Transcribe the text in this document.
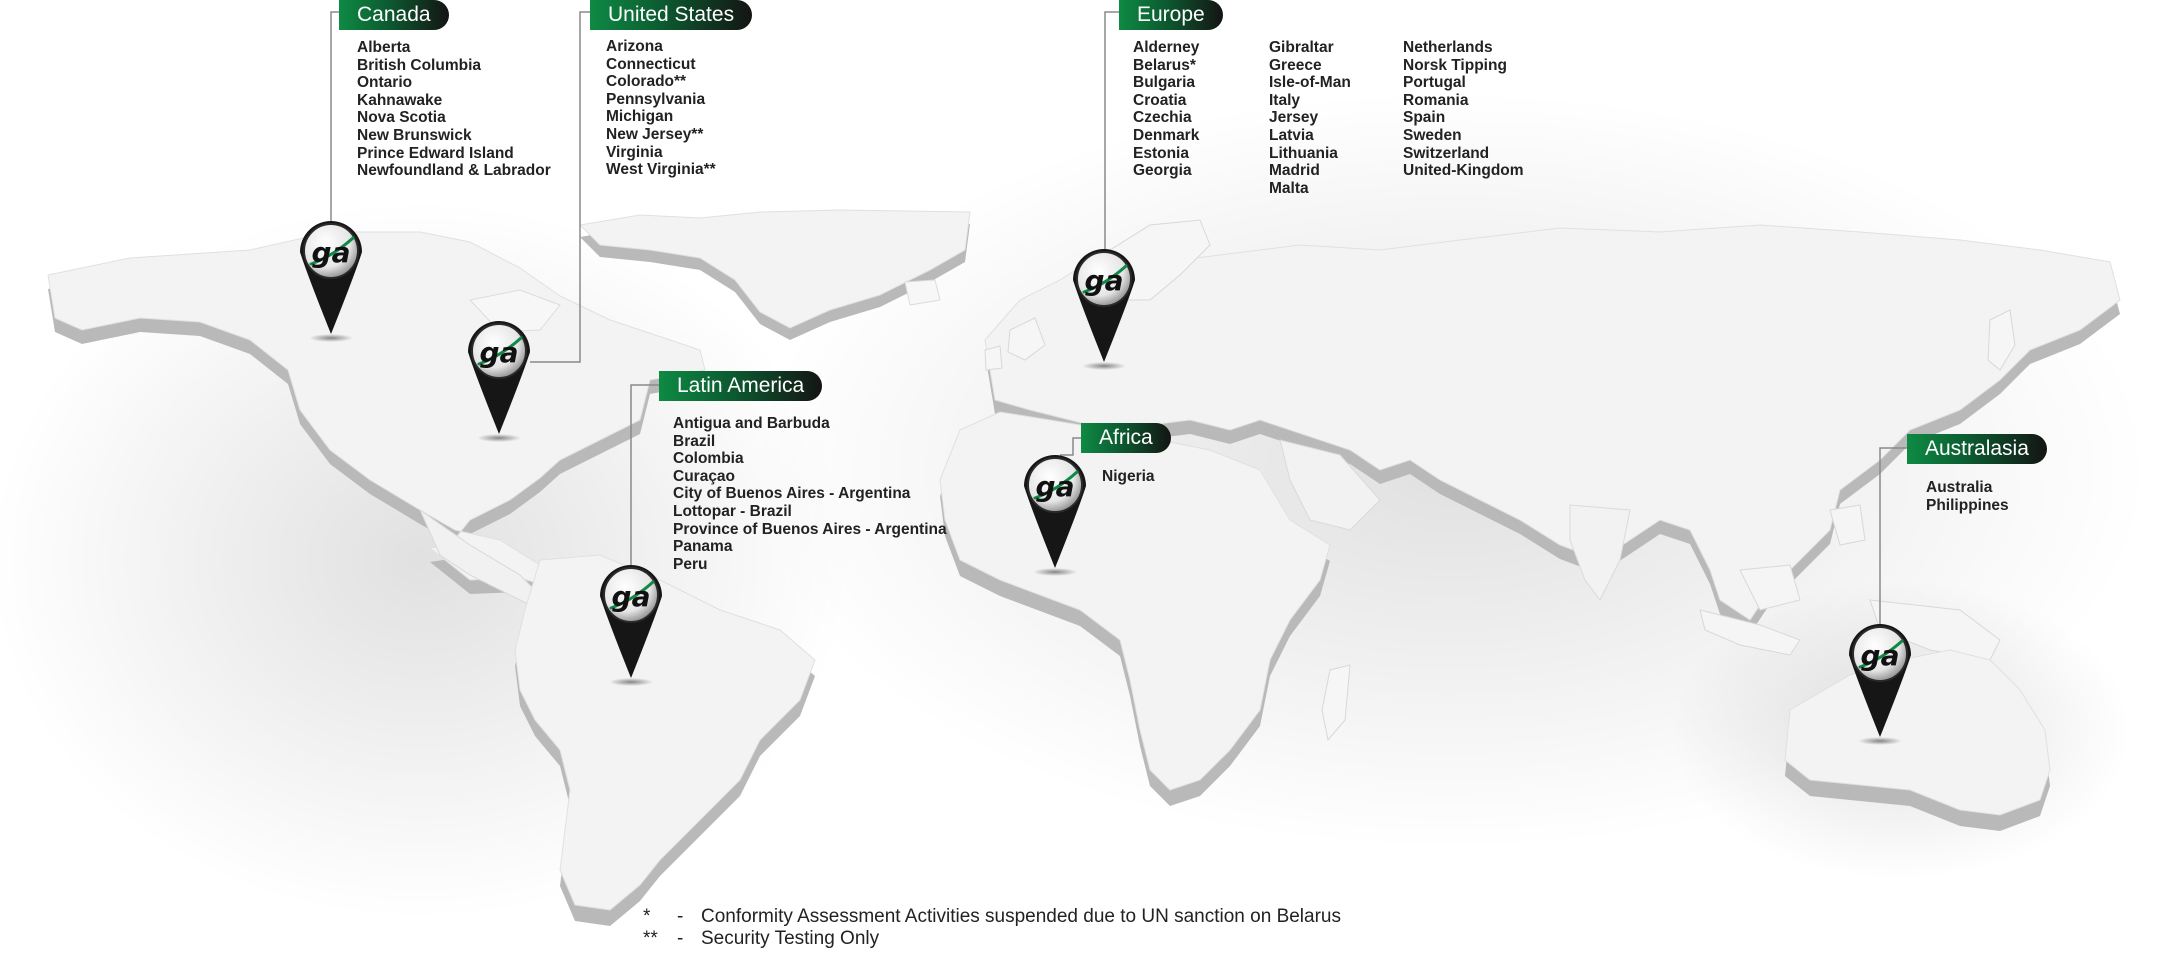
ga
ga
ga
ga
ga
ga
Canada
Alberta
British Columbia
Ontario
Kahnawake
Nova Scotia
New Brunswick
Prince Edward Island
Newfoundland & Labrador
United States
Arizona
Connecticut
Colorado**
Pennsylvania
Michigan
New Jersey**
Virginia
West Virginia**
Europe
Alderney
Belarus*
Bulgaria
Croatia
Czechia
Denmark
Estonia
Georgia
Gibraltar
Greece
Isle-of-Man
Italy
Jersey
Latvia
Lithuania
Madrid
Malta
Netherlands
Norsk Tipping
Portugal
Romania
Spain
Sweden
Switzerland
United-Kingdom
Latin America
Antigua and Barbuda
Brazil
Colombia
Curaçao
City of Buenos Aires - Argentina
Lottopar - Brazil
Province of Buenos Aires - Argentina
Panama
Peru
Africa
Nigeria
Australasia
Australia
Philippines
* - Conformity Assessment Activities suspended due to UN sanction on Belarus
** - Security Testing Only
